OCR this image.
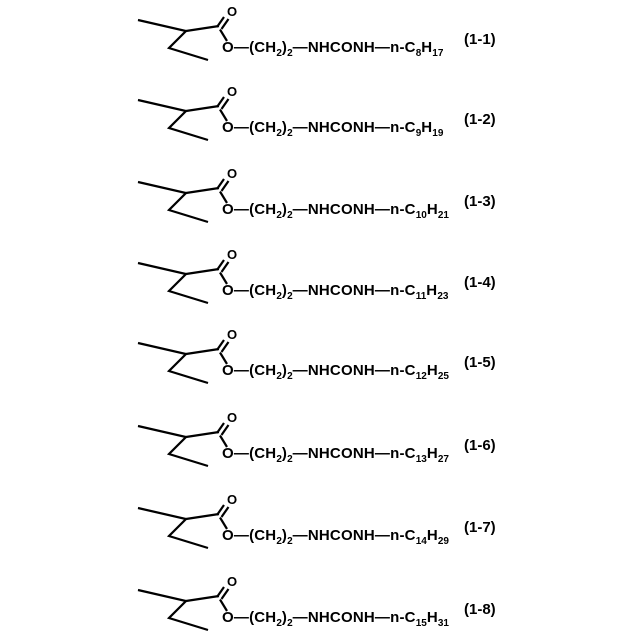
O
$O—(CH_2)_2—NHCONH—n-C_8H_{17}$
(1-1)
O
$O—(CH_2)_2—NHCONH—n-C_9H_{19}$
(1-2)
O
$O—(CH_2)_2—NHCONH—n-C_{10}H_{21}$
(1-3)
O
$O—(CH_2)_2—NHCONH—n-C_{11}H_{23}$
(1-4)
O
$O—(CH_2)_2—NHCONH—n-C_{12}H_{25}$
(1-5)
O
$O—(CH_2)_2—NHCONH—n-C_{13}H_{27}$
(1-6)
O
$O—(CH_2)_2—NHCONH—n-C_{14}H_{29}$
(1-7)
O
$O—(CH_2)_2—NHCONH—n-C_{15}H_{31}$
(1-8)
